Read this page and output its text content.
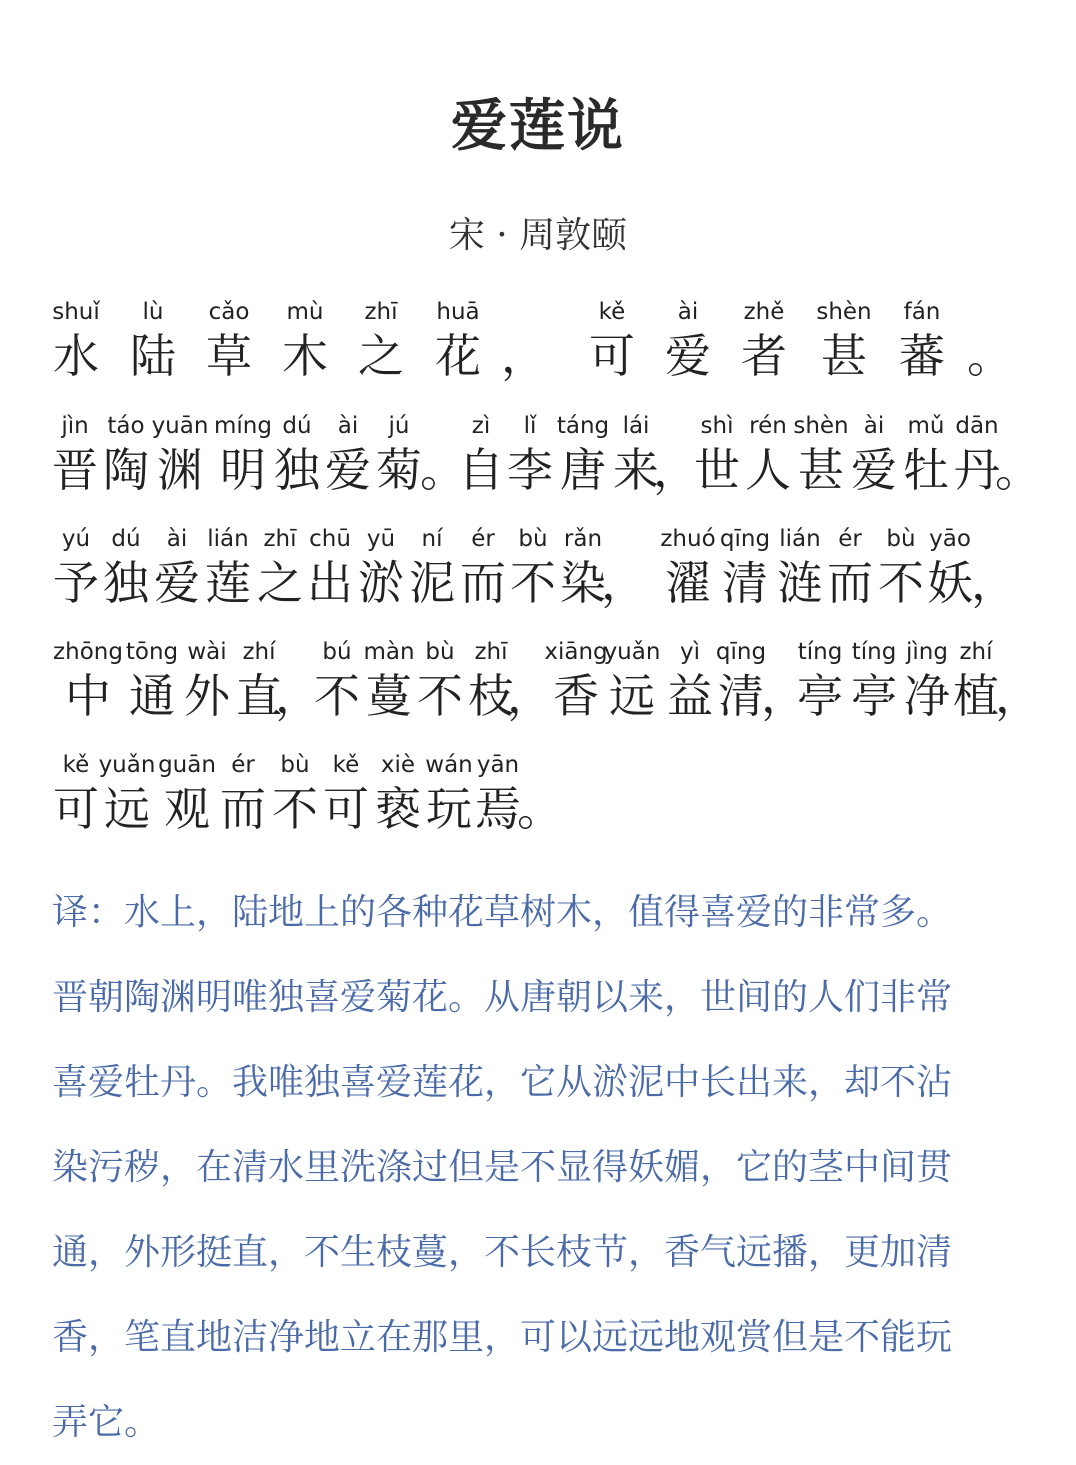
爱莲说
宋 · 周敦颐
shuǐ
水
lù
陆
cǎo
草
mù
木
zhī
之
huā
花 ，
kě
可
ài
爱
zhě
者
shèn
甚
fán
蕃 。
jìn
晋
táo
陶
yuān
渊
míng
明
dú
独
ài
爱
jú
菊
。
zì
自
lǐ
李
táng
唐
lái
来
，
shì
世
rén
人
shèn
甚
ài
爱
mǔ
牡
dān
丹
。
yú
予
dú
独
ài
爱
lián
莲
zhī
之
chū
出
yū
淤
ní
泥
ér
而
bù
不
rǎn
染
，
zhuó
濯
qīng
清
lián
涟
ér
而
bù
不
yāo
妖
，
zhōng
中
tōng
通
wài
外
zhí
直
，
bú
不
màn
蔓
bù
不
zhī
枝
，
xiāng
香
yuǎn
远
yì
益
qīng
清
，
tíng
亭
tíng
亭
jìng
净
zhí
植
，
kě
可
yuǎn
远
guān
观
ér
而
bù
不
kě
可
xiè
亵
wán
玩
yān
焉
。
译：水上，陆地上的各种花草树木，值得喜爱的非常多。
晋朝陶渊明唯独喜爱菊花。从唐朝以来，世间的人们非常
喜爱牡丹。我唯独喜爱莲花，它从淤泥中长出来，却不沾
染污秽，在清水里洗涤过但是不显得妖媚，它的茎中间贯
通，外形挺直，不生枝蔓，不长枝节，香气远播，更加清
香，笔直地洁净地立在那里，可以远远地观赏但是不能玩
弄它。
